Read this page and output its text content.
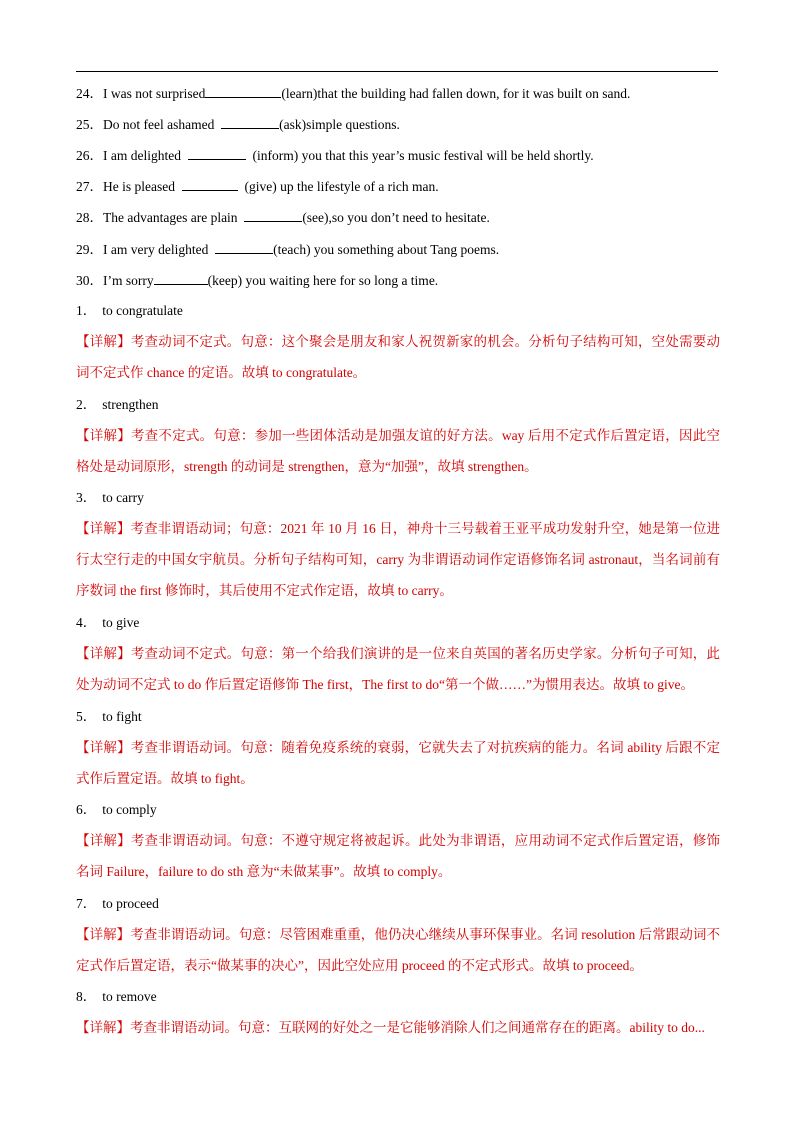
24．I was not surprised	(learn)that the building had fallen down, for it was built on sand.
25．Do not feel ashamed	(ask)simple questions.
26．I am delighted	(inform) you that this year’s music festival will be held shortly.
27．He is pleased	(give) up the lifestyle of a rich man.
28．The advantages are plain	(see),so you don’t need to hesitate.
29．I am very delighted	(teach) you something about Tang poems.
30．I’m sorry	(keep) you waiting here for so long a time.
1． to congratulate
【详解】考查动词不定式。句意：这个聚会是朋友和家人祝贺新家的机会。分析句子结构可知，空处需要动词不定式作 chance 的定语。故填 to congratulate。
2． strengthen
【详解】考查不定式。句意：参加一些团体活动是加强友谊的好方法。way 后用不定式作后置定语，因此空格处是动词原形，strength 的动词是 strengthen，意为“加强”，故填 strengthen。
3． to carry
【详解】考查非谓语动词；句意：2021 年 10 月 16 日，神舟十三号载着王亚平成功发射升空，她是第一位进行太空行走的中国女宇航员。分析句子结构可知，carry 为非谓语动词作定语修饰名词 astronaut，当名词前有序数词 the first 修饰时，其后使用不定式作定语，故填 to carry。
4． to give
【详解】考查动词不定式。句意：第一个给我们演讲的是一位来自英国的著名历史学家。分析句子可知，此处为动词不定式 to do 作后置定语修饰 The first，The first to do“第一个做……”为惯用表达。故填 to give。
5． to fight
【详解】考查非谓语动词。句意：随着免疫系统的衰弱，它就失去了对抗疾病的能力。名词 ability 后跟不定式作后置定语。故填 to fight。
6． to comply
【详解】考查非谓语动词。句意：不遵守规定将被起诉。此处为非谓语，应用动词不定式作后置定语，修饰名词 Failure，failure to do sth 意为“未做某事”。故填 to comply。
7． to proceed
【详解】考查非谓语动词。句意：尽管困难重重，他仍决心继续从事环保事业。名词 resolution 后常跟动词不定式作后置定语，表示“做某事的决心”，因此空处应用 proceed 的不定式形式。故填 to proceed。
8． to remove
【详解】考查非谓语动词。句意：互联网的好处之一是它能够消除人们之间通常存在的距离。ability to do...
